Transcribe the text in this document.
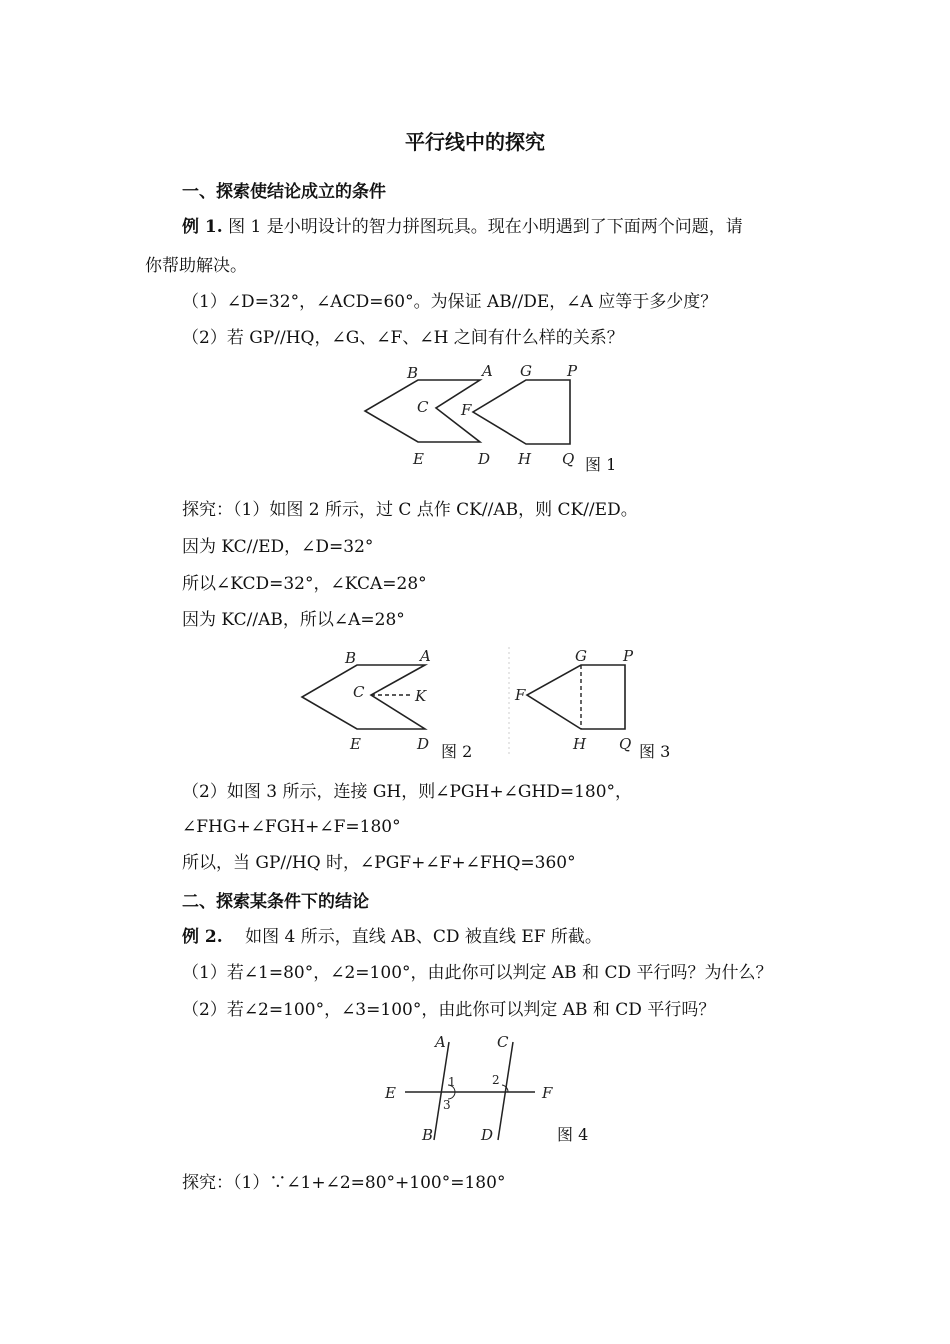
平行线中的探究
一、探索使结论成立的条件
例 1. 图 1 是小明设计的智力拼图玩具。现在小明遇到了下面两个问题，请
你帮助解决。
（1）∠D=32°，∠ACD=60°。为保证 AB//DE，∠A 应等于多少度？
（2）若 GP//HQ，∠G、∠F、∠H 之间有什么样的关系？
B	A
C
E	D
G P
F
H Q 图 1
探究：（1）如图 2 所示，过 C 点作 CK//AB，则 CK//ED。
因为 KC//ED，∠D=32°
所以∠KCD=32°，∠KCA=28°
因为 KC//AB，所以∠A=28°
B	A
C	K
E	D 图 2
G P
F
H Q 图 3
（2）如图 3 所示，连接 GH，则∠PGH+∠GHD=180°，
∠FHG+∠FGH+∠F=180°
所以，当 GP//HQ 时，∠PGF+∠F+∠FHQ=360°
二、探索某条件下的结论
例 2. 　如图 4 所示，直线 AB、CD 被直线 EF 所截。
（1）若∠1=80°，∠2=100°，由此你可以判定 AB 和 CD 平行吗？为什么？
（2）若∠2=100°，∠3=100°，由此你可以判定 AB 和 CD 平行吗？
A	C
E	F
B	D
1	2
3
图 4
探究：（1）∵∠1+∠2=80°+100°=180°
